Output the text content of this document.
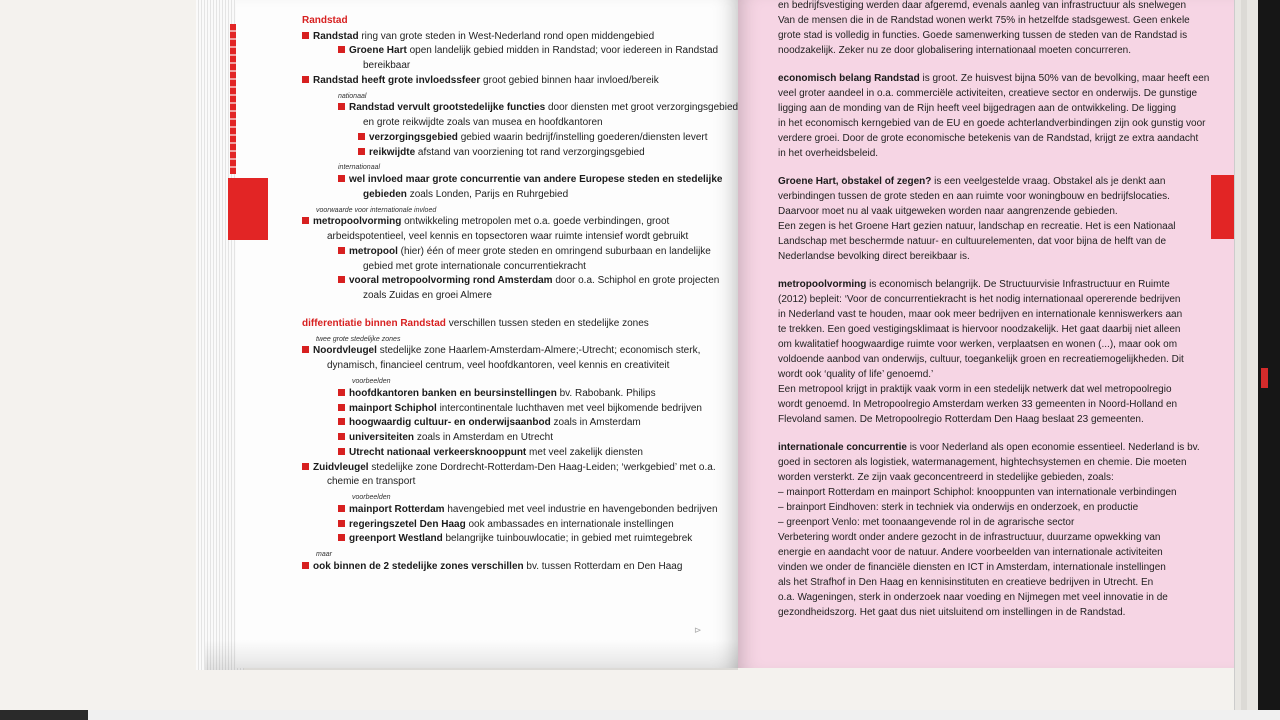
Randstad
Randstad ring van grote steden in West-Nederland rond open middengebied
Groene Hart open landelijk gebied midden in Randstad; voor iedereen in Randstad
bereikbaar
Randstad heeft grote invloedssfeer groot gebied binnen haar invloed/bereik
nationaal
Randstad vervult grootstedelijke functies door diensten met groot verzorgingsgebied
en grote reikwijdte zoals van musea en hoofdkantoren
verzorgingsgebied gebied waarin bedrijf/instelling goederen/diensten levert
reikwijdte afstand van voorziening tot rand verzorgingsgebied
internationaal
wel invloed maar grote concurrentie van andere Europese steden en stedelijke
gebieden zoals Londen, Parijs en Ruhrgebied
voorwaarde voor internationale invloed
metropoolvorming ontwikkeling metropolen met o.a. goede verbindingen, groot
arbeidspotentieel, veel kennis en topsectoren waar ruimte intensief wordt gebruikt
metropool (hier) één of meer grote steden en omringend suburbaan en landelijke
gebied met grote internationale concurrentiekracht
vooral metropoolvorming rond Amsterdam door o.a. Schiphol en grote projecten
zoals Zuidas en groei Almere
differentiatie binnen Randstad verschillen tussen steden en stedelijke zones
twee grote stedelijke zones
Noordvleugel stedelijke zone Haarlem-Amsterdam-Almere;-Utrecht; economisch sterk,
dynamisch, financieel centrum, veel hoofdkantoren, veel kennis en creativiteit
voorbeelden
hoofdkantoren banken en beursinstellingen bv. Rabobank. Philips
mainport Schiphol intercontinentale luchthaven met veel bijkomende bedrijven
hoogwaardig cultuur- en onderwijsaanbod zoals in Amsterdam
universiteiten zoals in Amsterdam en Utrecht
Utrecht nationaal verkeersknooppunt met veel zakelijk diensten
Zuidvleugel stedelijke zone Dordrecht-Rotterdam-Den Haag-Leiden; ‘werkgebied’ met o.a.
chemie en transport
voorbeelden
mainport Rotterdam havengebied met veel industrie en havengebonden bedrijven
regeringszetel Den Haag ook ambassades en internationale instellingen
greenport Westland belangrijke tuinbouwlocatie; in gebied met ruimtegebrek
maar
ook binnen de 2 stedelijke zones verschillen bv. tussen Rotterdam en Den Haag
en bedrijfsvestiging werden daar afgeremd, evenals aanleg van infrastructuur als snelwegen
Van de mensen die in de Randstad wonen werkt 75% in hetzelfde stadsgewest. Geen enkele
grote stad is volledig in functies. Goede samenwerking tussen de steden van de Randstad is
noodzakelijk. Zeker nu ze door globalisering internationaal moeten concurreren.
economisch belang Randstad is groot. Ze huisvest bijna 50% van de bevolking, maar heeft een
veel groter aandeel in o.a. commerciële activiteiten, creatieve sector en onderwijs. De gunstige
ligging aan de monding van de Rijn heeft veel bijgedragen aan de ontwikkeling. De ligging
in het economisch kerngebied van de EU en goede achterlandverbindingen zijn ook gunstig voor
verdere groei. Door de grote economische betekenis van de Randstad, krijgt ze extra aandacht
in het overheidsbeleid.
Groene Hart, obstakel of zegen? is een veelgestelde vraag. Obstakel als je denkt aan
verbindingen tussen de grote steden en aan ruimte voor woningbouw en bedrijfslocaties.
Daarvoor moet nu al vaak uitgeweken worden naar aangrenzende gebieden.
Een zegen is het Groene Hart gezien natuur, landschap en recreatie. Het is een Nationaal
Landschap met beschermde natuur- en cultuurelementen, dat voor bijna de helft van de
Nederlandse bevolking direct bereikbaar is.
metropoolvorming is economisch belangrijk. De Structuurvisie Infrastructuur en Ruimte
(2012) bepleit: ‘Voor de concurrentiekracht is het nodig internationaal opererende bedrijven
in Nederland vast te houden, maar ook meer bedrijven en internationale kenniswerkers aan
te trekken. Een goed vestigingsklimaat is hiervoor noodzakelijk. Het gaat daarbij niet alleen
om kwalitatief hoogwaardige ruimte voor werken, verplaatsen en wonen (...), maar ook om
voldoende aanbod van onderwijs, cultuur, toegankelijk groen en recreatiemogelijkheden. Dit
wordt ook ‘quality of life’ genoemd.’
Een metropool krijgt in praktijk vaak vorm in een stedelijk netwerk dat wel metropoolregio
wordt genoemd. In Metropoolregio Amsterdam werken 33 gemeenten in Noord-Holland en
Flevoland samen. De Metropoolregio Rotterdam Den Haag beslaat 23 gemeenten.
internationale concurrentie is voor Nederland als open economie essentieel. Nederland is bv.
goed in sectoren als logistiek, watermanagement, hightechsystemen en chemie. Die moeten
worden versterkt. Ze zijn vaak geconcentreerd in stedelijke gebieden, zoals:
– mainport Rotterdam en mainport Schiphol: knooppunten van internationale verbindingen
– brainport Eindhoven: sterk in techniek via onderwijs en onderzoek, en productie
– greenport Venlo: met toonaangevende rol in de agrarische sector
Verbetering wordt onder andere gezocht in de infrastructuur, duurzame opwekking van
energie en aandacht voor de natuur. Andere voorbeelden van internationale activiteiten
vinden we onder de financiële diensten en ICT in Amsterdam, internationale instellingen
als het Strafhof in Den Haag en kennisinstituten en creatieve bedrijven in Utrecht. En
o.a. Wageningen, sterk in onderzoek naar voeding en Nijmegen met veel innovatie in de
gezondheidszorg. Het gaat dus niet uitsluitend om instellingen in de Randstad.
⊳
